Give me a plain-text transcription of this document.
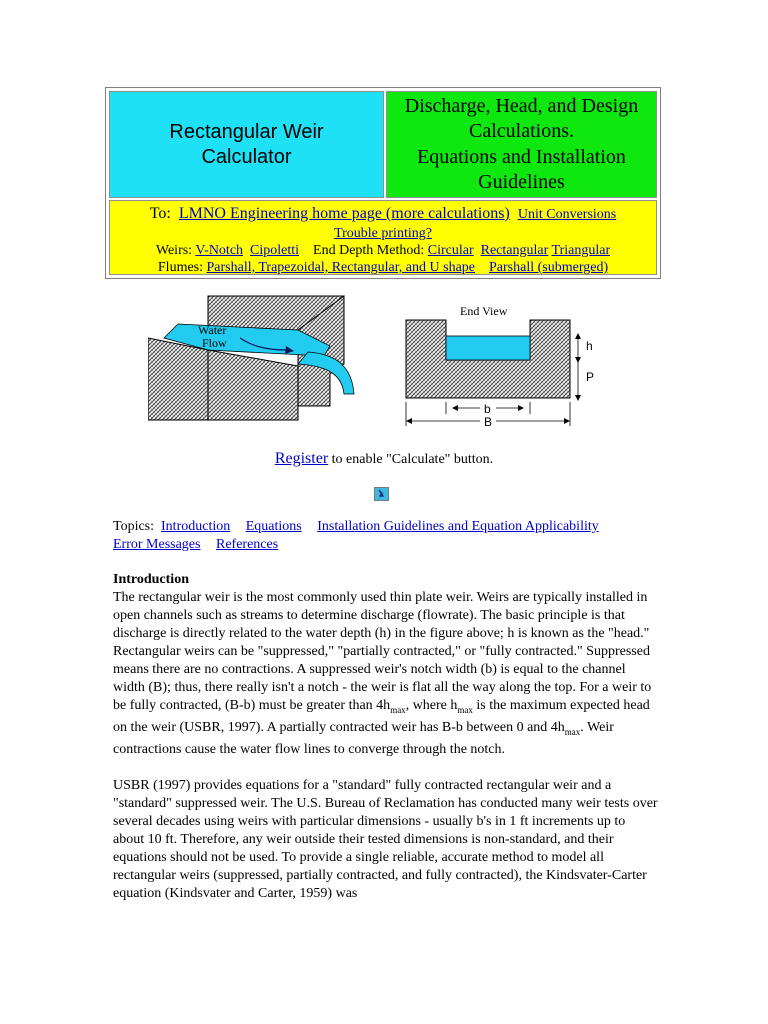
Rectangular Weir
Calculator
Discharge, Head, and Design
Calculations.
Equations and Installation
Guidelines
To: LMNO Engineering home page (more calculations) Unit Conversions
Trouble printing?
Weirs: V-Notch Cipoletti End Depth Method: Circular Rectangular Triangular
Flumes: Parshall, Trapezoidal, Rectangular, and U shape Parshall (submerged)
Water
Flow
End View
h
P
b
B
Register to enable "Calculate" button.
Topics: Introduction Equations Installation Guidelines and Equation Applicability
Error Messages References
Introduction

The rectangular weir is the most commonly used thin plate weir. Weirs are typically installed in open channels such as streams to determine discharge (flowrate). The basic principle is that discharge is directly related to the water depth (h) in the figure above; h is known as the "head." Rectangular weirs can be "suppressed," "partially contracted," or "fully contracted." Suppressed means there are no contractions. A suppressed weir's notch width (b) is equal to the channel width (B); thus, there really isn't a notch - the weir is flat all the way along the top. For a weir to be fully contracted, (B-b) must be greater than $4h_{max}$, where $h_{max}$ is the maximum expected head on the weir (USBR, 1997). A partially contracted weir has B-b between 0 and $4h_{max}$. Weir contractions cause the water flow lines to converge through the notch.

USBR (1997) provides equations for a "standard" fully contracted rectangular weir and a "standard" suppressed weir. The U.S. Bureau of Reclamation has conducted many weir tests over several decades using weirs with particular dimensions - usually b's in 1 ft increments up to about 10 ft. Therefore, any weir outside their tested dimensions is non-standard, and their equations should not be used. To provide a single reliable, accurate method to model all rectangular weirs (suppressed, partially contracted, and fully contracted), the Kindsvater-Carter equation (Kindsvater and Carter, 1959) was
